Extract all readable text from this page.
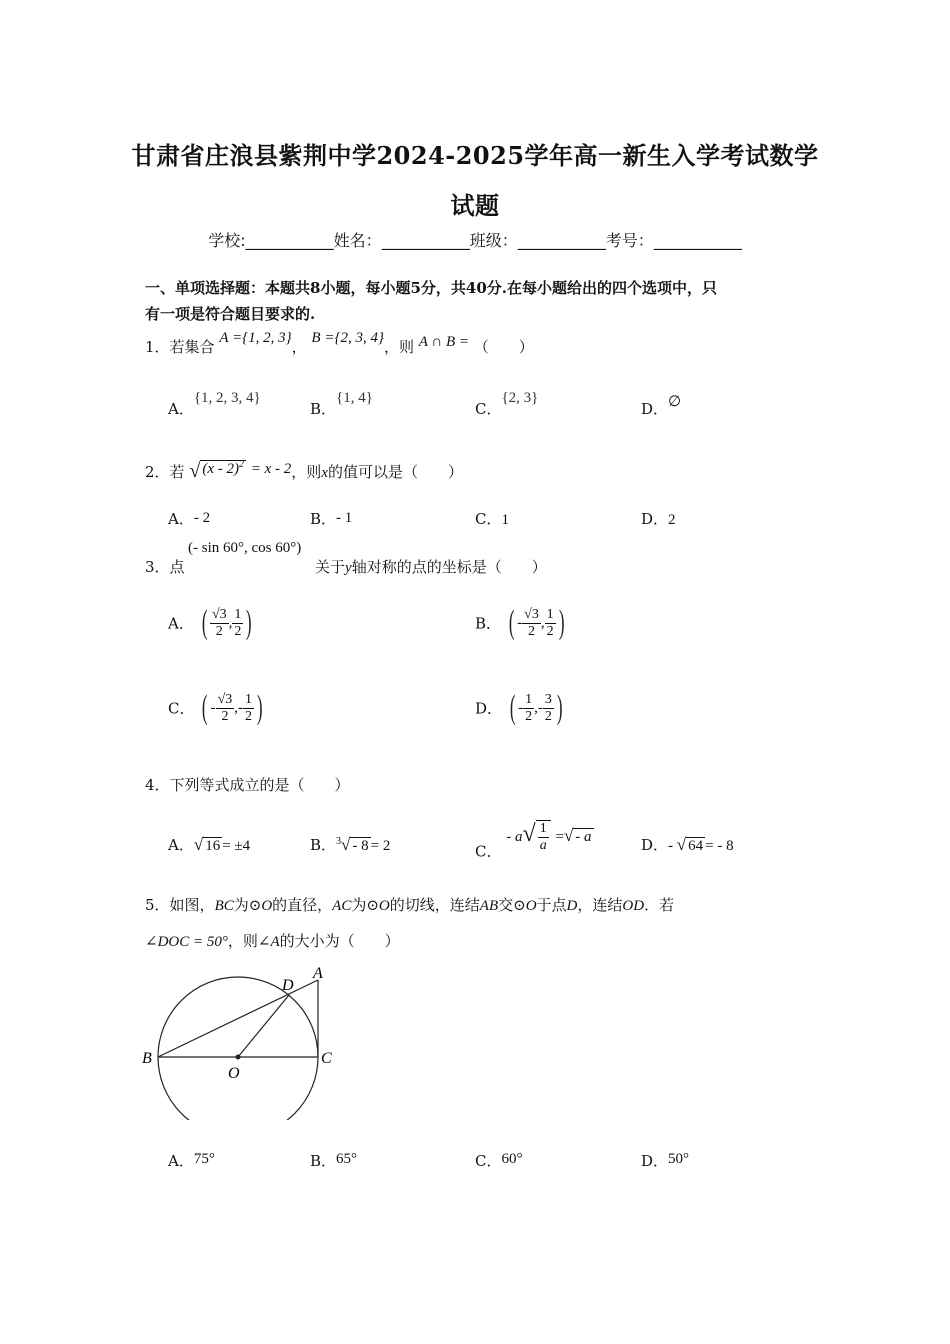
甘肃省庄浪县紫荆中学2024-2025学年高一新生入学考试数学
试题
学校:___________姓名：___________班级：___________考号：___________
一、单项选择题：本题共8小题，每小题5分，共40分.在每小题给出的四个选项中，只
有一项是符合题目要求的.
1．若集合 A ={1, 2, 3}， B ={2, 3, 4}，则 A ∩ B = （　　）
A．{1, 2, 3, 4}
B．{1, 4}
C．{2, 3}
D．∅
2．若 √ (x - 2)$^2$ = x - 2，则x的值可以是（　　）
A．- 2	B．- 1	C．1	D．2
3．点
(- sin 60°, cos 60°)
关于y轴对称的点的坐标是（　　）
A． ( $\frac{√3}{2}$ , $\frac{1}{2}$ )	B． ( - $\frac{√3}{2}$ , $\frac{1}{2}$ )
C． ( - $\frac{√3}{2}$ ,- $\frac{1}{2}$ )	D． ( - $\frac{1}{2}$ ,- $\frac{3}{2}$ )
4．下列等式成立的是（　　）
A．√ 16 = ±4	B．$^3$√ - 8 = 2	C． - $a√ \frac{1}{a}$ =√ - a	D．- √ 64 = - 8
5．如图，BC为⊙O的直径，AC为⊙O的切线，连结AB交⊙O于点D，连结OD．若
∠DOC = 50°，则∠A的大小为（　　）
A
B	C
D
O
A．75°	B．65°	C．60°	D．50°
